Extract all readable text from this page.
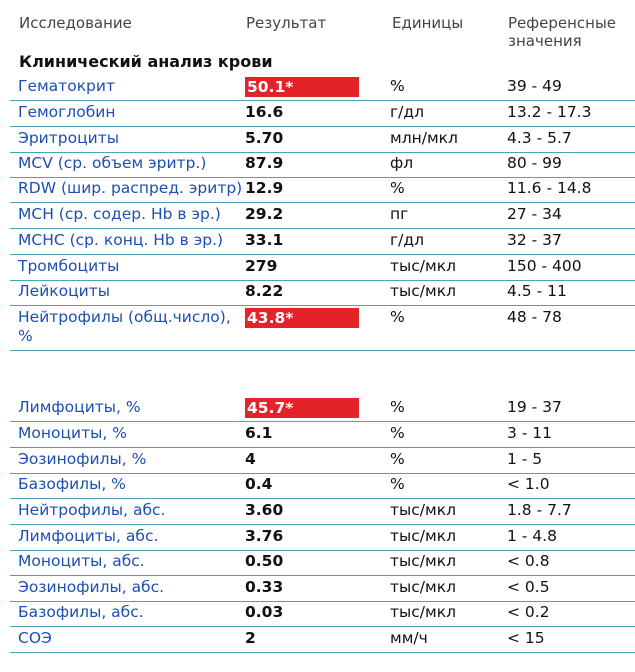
Исследование	Результат	Единицы	Референсные
значения
Клинический анализ крови
Гематокрит	50.1*	%	39 - 49
Гемоглобин	16.6	г/дл	13.2 - 17.3
Эритроциты	5.70	млн/мкл	4.3 - 5.7
MCV (ср. объем эритр.) 87.9	фл	80 - 99
RDW (шир. распред. эритр) 12.9	%	11.6 - 14.8
MCH (ср. содер. Hb в эр.) 29.2	пг	27 - 34
MCHC (ср. конц. Hb в эр.) 33.1	г/дл	32 - 37
Тромбоциты	279	тыс/мкл	150 - 400
Лейкоциты	8.22	тыс/мкл	4.5 - 11
Нейтрофилы (общ.число),
%
43.8*	%	48 - 78
Лимфоциты, %	45.7*	%	19 - 37
Моноциты, %	6.1	%	3 - 11
Эозинофилы, %	4	%	1 - 5
Базофилы, %	0.4	%	< 1.0
Нейтрофилы, абс.	3.60	тыс/мкл	1.8 - 7.7
Лимфоциты, абс.	3.76	тыс/мкл	1 - 4.8
Моноциты, абс.	0.50	тыс/мкл	< 0.8
Эозинофилы, абс.	0.33	тыс/мкл	< 0.5
Базофилы, абс.	0.03	тыс/мкл	< 0.2
СОЭ	2	мм/ч	< 15
